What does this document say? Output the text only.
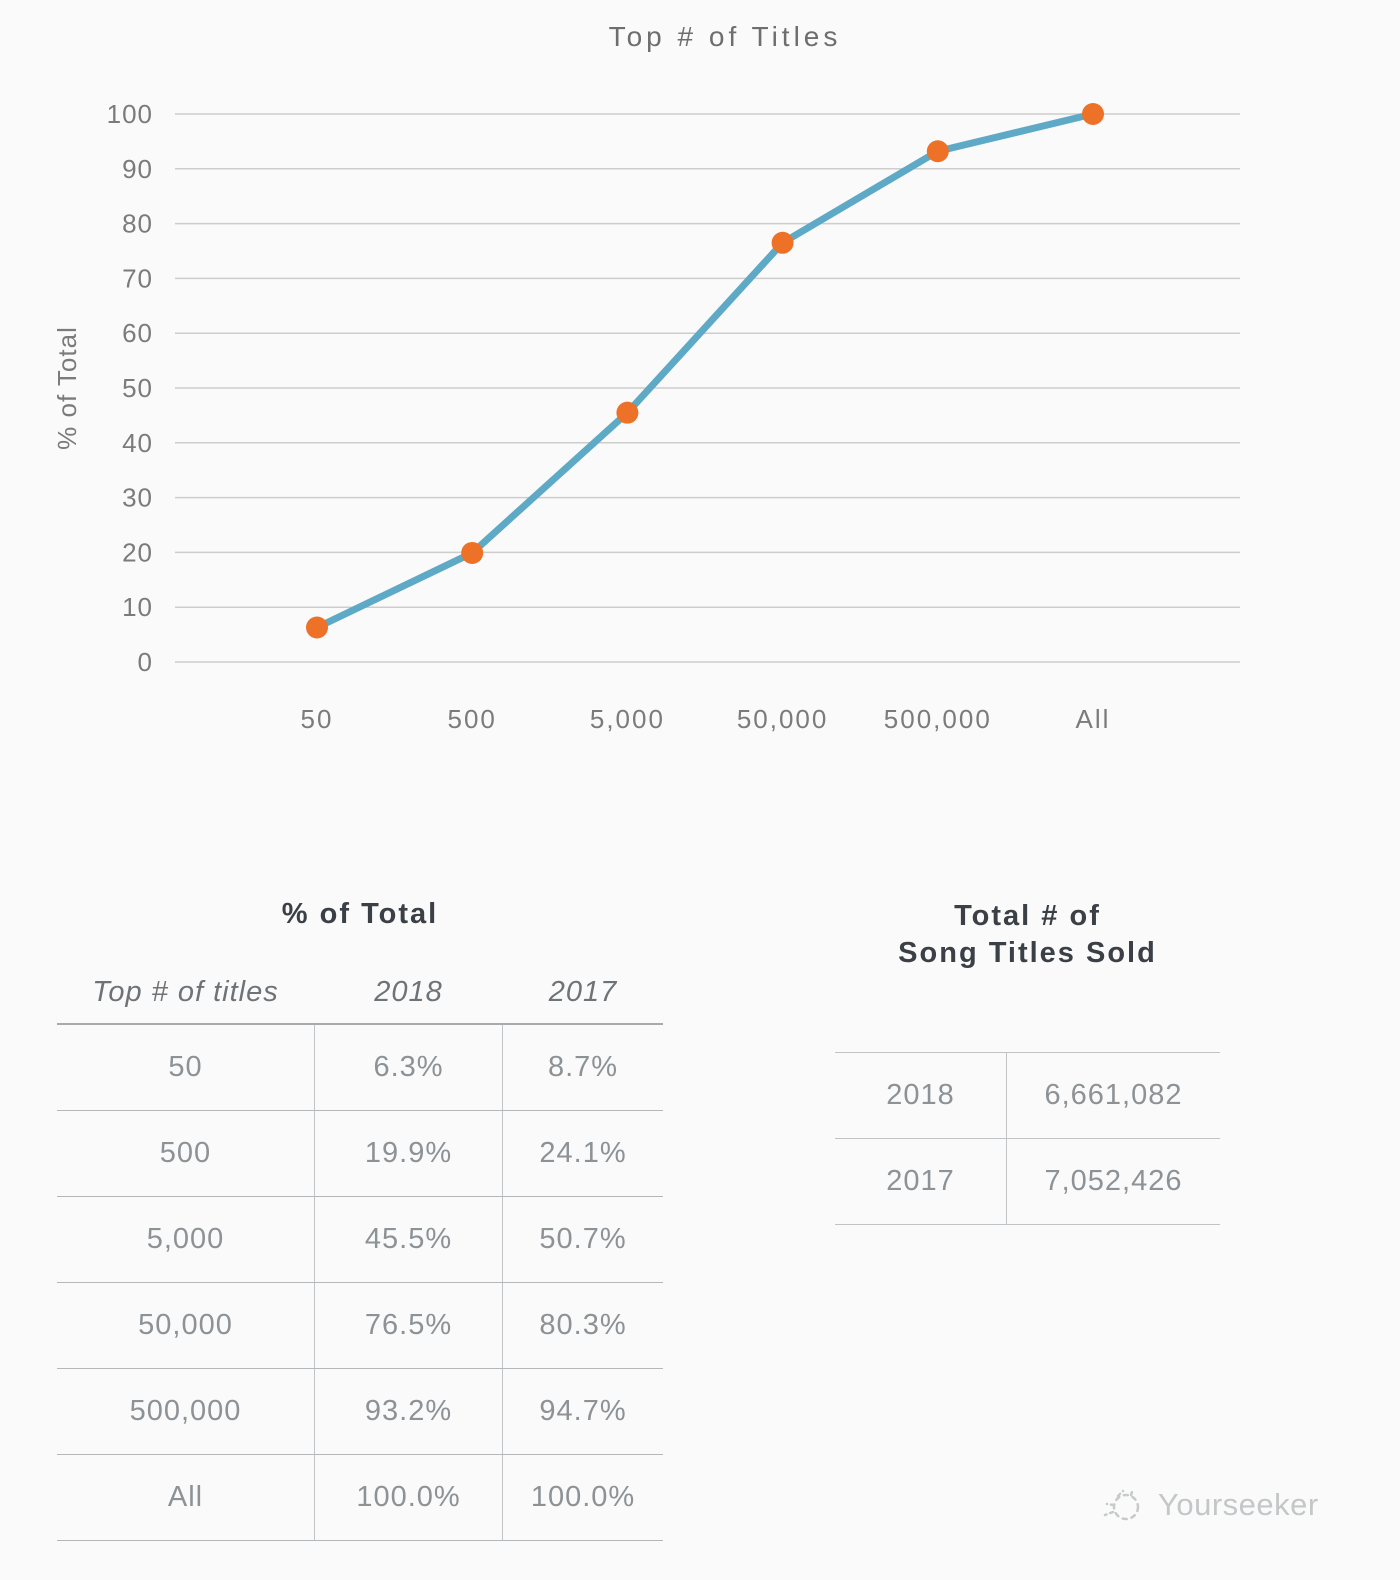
Top # of Titles
% of Total
0
10
20
30
40
50
60
70
80
90
100
50	500	5,000	50,000 500,000	All
% of Total
Top # of titles	2018	2017
50	6.3%	8.7%
500	19.9%	24.1%
5,000	45.5%	50.7%
50,000	76.5%	80.3%
500,000	93.2%	94.7%
All	100.0%	100.0%
Total # of
Song Titles Sold
2018	6,661,082
2017	7,052,426
Yourseeker
